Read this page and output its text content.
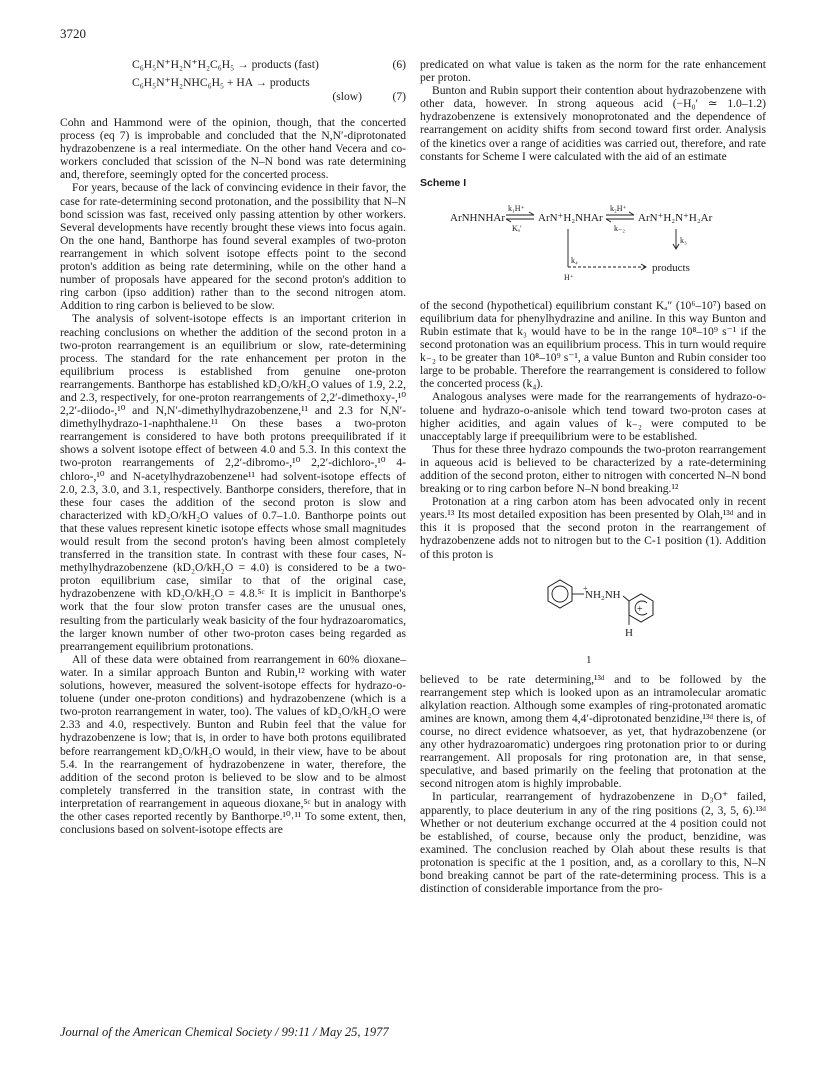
3720
C₆H₅N⁺H₂N⁺H₂C₆H₅ → products (fast)	(6)
C₆H₅N⁺H₂NHC₆H₅ + HA → products
(slow)	(7)

Cohn and Hammond were of the opinion, though, that the concerted process (eq 7) is improbable and concluded that the N,N′-diprotonated hydrazobenzene is a real intermediate. On the other hand Vecera and co-workers concluded that scission of the N–N bond was rate determining and, therefore, seemingly opted for the concerted process.

For years, because of the lack of convincing evidence in their favor, the case for rate-determining second protonation, and the possibility that N–N bond scission was fast, received only passing attention by other workers. Several developments have recently brought these views into focus again. On the one hand, Banthorpe has found several examples of two-proton rearrangement in which solvent isotope effects point to the second proton's addition as being rate determining, while on the other hand a number of proposals have appeared for the second proton's addition to ring carbon (ipso addition) rather than to the second nitrogen atom. Addition to ring carbon is believed to be slow.

The analysis of solvent-isotope effects is an important criterion in reaching conclusions on whether the addition of the second proton in a two-proton rearrangement is an equilibrium or slow, rate-determining process. The standard for the rate enhancement per proton in the equilibrium process is established from genuine one-proton rearrangements. Banthorpe has established kD₂O/kH₂O values of 1.9, 2.2, and 2.3, respectively, for one-proton rearrangements of 2,2′-dimethoxy-,¹⁰ 2,2′-diiodo-,¹⁰ and N,N′-dimethylhydrazobenzene,¹¹ and 2.3 for N,N′-dimethylhydrazo-1-naphthalene.¹¹ On these bases a two-proton rearrangement is considered to have both protons preequilibrated if it shows a solvent isotope effect of between 4.0 and 5.3. In this context the two-proton rearrangements of 2,2′-dibromo-,¹⁰ 2,2′-dichloro-,¹⁰ 4-chloro-,¹⁰ and N-acetylhydrazobenzene¹¹ had solvent-isotope effects of 2.0, 2.3, 3.0, and 3.1, respectively. Banthorpe considers, therefore, that in these four cases the addition of the second proton is slow and characterized with kD₂O/kH₂O values of 0.7–1.0. Banthorpe points out that these values represent kinetic isotope effects whose small magnitudes would result from the second proton's having been almost completely transferred in the transition state. In contrast with these four cases, N-methylhydrazobenzene (kD₂O/kH₂O = 4.0) is considered to be a two-proton equilibrium case, similar to that of the original case, hydrazobenzene with kD₂O/kH₂O = 4.8.⁵ᶜ It is implicit in Banthorpe's work that the four slow proton transfer cases are the unusual ones, resulting from the particularly weak basicity of the four hydrazoaromatics, the larger known number of other two-proton cases being regarded as prearrangement equilibrium protonations.

All of these data were obtained from rearrangement in 60% dioxane–water. In a similar approach Bunton and Rubin,¹² working with water solutions, however, measured the solvent-isotope effects for hydrazo-o-toluene (under one-proton conditions) and hydrazobenzene (which is a two-proton rearrangement in water, too). The values of kD₂O/kH₂O were 2.33 and 4.0, respectively. Bunton and Rubin feel that the value for hydrazobenzene is low; that is, in order to have both protons equilibrated before rearrangement kD₂O/kH₂O would, in their view, have to be about 5.4. In the rearrangement of hydrazobenzene in water, therefore, the addition of the second proton is believed to be slow and to be almost completely transferred in the transition state, in contrast with the interpretation of rearrangement in aqueous dioxane,⁵ᶜ but in analogy with the other cases reported recently by Banthorpe.¹⁰˒¹¹ To some extent, then, conclusions based on solvent-isotope effects are

predicated on what value is taken as the norm for the rate enhancement per proton.

Bunton and Rubin support their contention about hydrazobenzene with other data, however. In strong aqueous acid (−H₀′ ≃ 1.0–1.2) hydrazobenzene is extensively monoprotonated and the dependence of rearrangement on acidity shifts from second toward first order. Analysis of the kinetics over a range of acidities was carried out, therefore, and rate constants for Scheme I were calculated with the aid of an estimate

Scheme I
ArNHNHAr
k₁H⁺
Kₐ′
ArN⁺H₂NHAr
k₂H⁺
k₋₂
ArN⁺H₂N⁺H₂Ar
k₃
k₄
H⁺
products

of the second (hypothetical) equilibrium constant Kₐ″ (10⁶–10⁷) based on equilibrium data for phenylhydrazine and aniline. In this way Bunton and Rubin estimate that k₃ would have to be in the range 10⁸–10⁹ s⁻¹ if the second protonation was an equilibrium process. This in turn would require k₋₂ to be greater than 10⁸–10⁹ s⁻¹, a value Bunton and Rubin consider too large to be probable. Therefore the rearrangement is considered to follow the concerted process (k₄).

Analogous analyses were made for the rearrangements of hydrazo-o-toluene and hydrazo-o-anisole which tend toward two-proton cases at higher acidities, and again values of k₋₂ were computed to be unacceptably large if preequilibrium were to be established.

Thus for these three hydrazo compounds the two-proton rearrangement in aqueous acid is believed to be characterized by a rate-determining addition of the second proton, either to nitrogen with concerted N–N bond breaking or to ring carbon before N–N bond breaking.¹²

Protonation at a ring carbon atom has been advocated only in recent years.¹³ Its most detailed exposition has been presented by Olah,¹³ᵈ and in this it is proposed that the second proton in the rearrangement of hydrazobenzene adds not to nitrogen but to the C-1 position (1). Addition of this proton is

+
NH₂NH
+
H
1

believed to be rate determining,¹³ᵈ and to be followed by the rearrangement step which is looked upon as an intramolecular aromatic alkylation reaction. Although some examples of ring-protonated aromatic amines are known, among them 4,4′-diprotonated benzidine,¹³ᵈ there is, of course, no direct evidence whatsoever, as yet, that hydrazobenzene (or any other hydrazoaromatic) undergoes ring protonation prior to or during rearrangement. All proposals for ring protonation are, in that sense, speculative, and based primarily on the feeling that protonation at the second nitrogen atom is highly improbable.

In particular, rearrangement of hydrazobenzene in D₃O⁺ failed, apparently, to place deuterium in any of the ring positions (2, 3, 5, 6).¹³ᵈ Whether or not deuterium exchange occurred at the 4 position could not be established, of course, because only the product, benzidine, was examined. The conclusion reached by Olah about these results is that protonation is specific at the 1 position, and, as a corollary to this, N–N bond breaking cannot be part of the rate-determining process. This is a distinction of considerable importance from the pro-

Journal of the American Chemical Society / 99:11 / May 25, 1977
